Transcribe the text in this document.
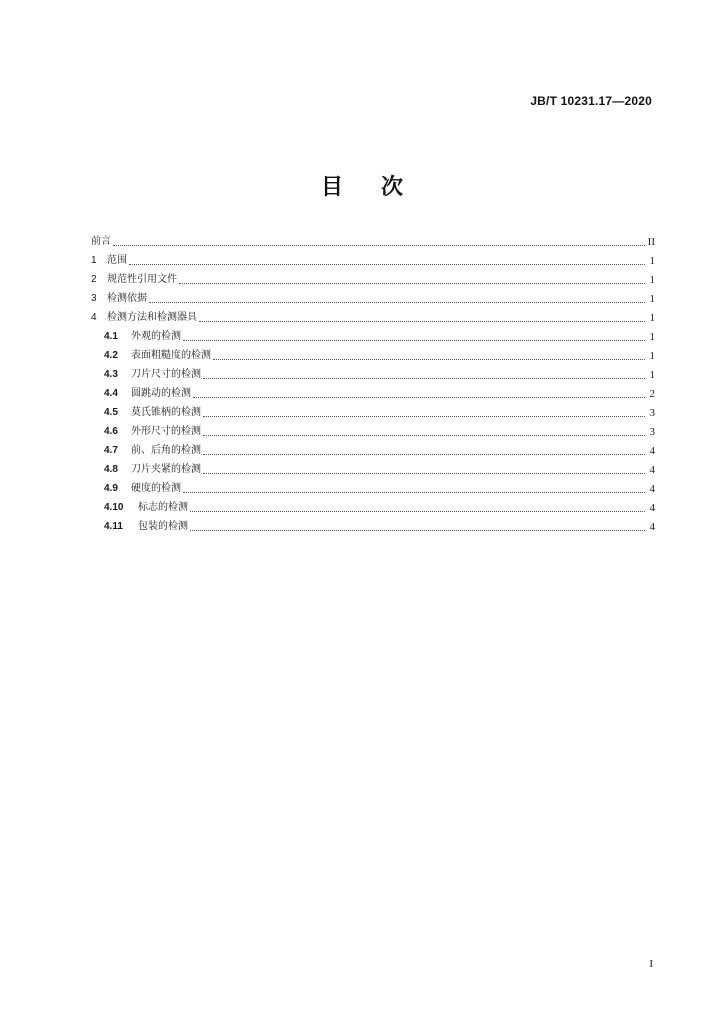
JB/T 10231.17—2020
目 次
前言	II
1	范围	1
2	规范性引用文件	1
3	检测依据	1
4	检测方法和检测器具	1
4.1	外观的检测	1
4.2	表面粗糙度的检测	1
4.3	刀片尺寸的检测	1
4.4	圆跳动的检测	2
4.5	莫氏锥柄的检测	3
4.6	外形尺寸的检测	3
4.7	前、后角的检测	4
4.8	刀片夹紧的检测	4
4.9	硬度的检测	4
4.10	标志的检测	4
4.11	包装的检测	4
I
